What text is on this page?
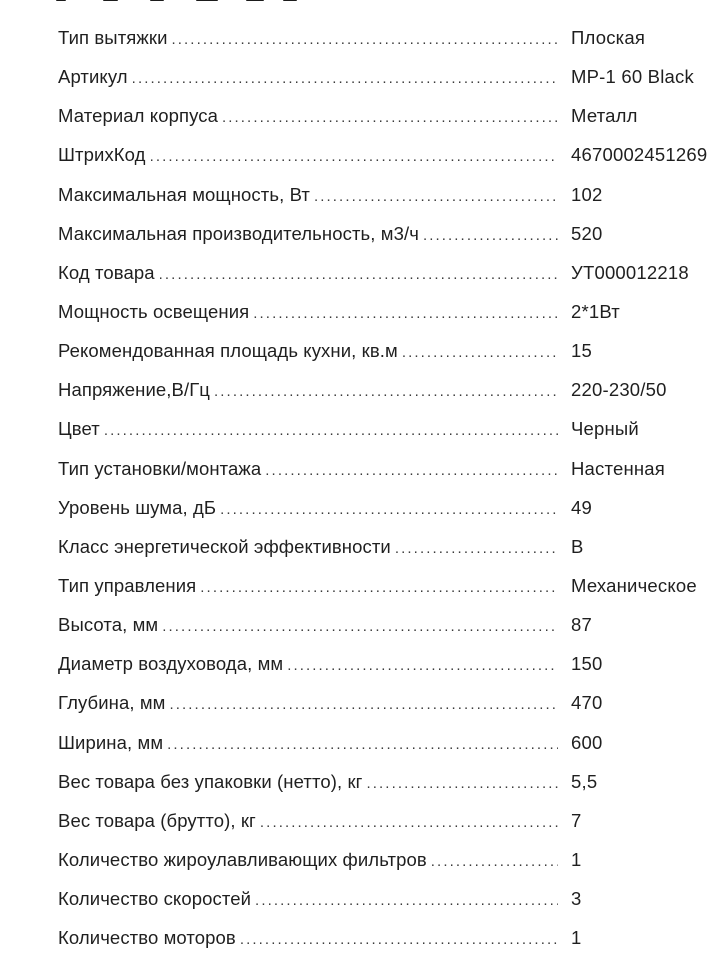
Тип вытяжки .....	Плоская
Артикул .....	MP-1 60 Black
Материал корпуса .....	Металл
ШтрихКод .....	4670002451269
Максимальная мощность, Вт .....	102
Максимальная производительность, м3/ч .....	520
Код товара .....	УТ000012218
Мощность освещения .....	2*1Вт
Рекомендованная площадь кухни, кв.м .....	15
Напряжение,В/Гц .....	220-230/50
Цвет .....	Черный
Тип установки/монтажа .....	Настенная
Уровень шума, дБ .....	49
Класс энергетической эффективности .....	B
Тип управления .....	Механическое
Высота, мм .....	87
Диаметр воздуховода, мм .....	150
Глубина, мм .....	470
Ширина, мм .....	600
Вес товара без упаковки (нетто), кг .....	5,5
Вес товара (брутто), кг .....	7
Количество жироулавливающих фильтров .....	1
Количество скоростей .....	3
Количество моторов .....	1
